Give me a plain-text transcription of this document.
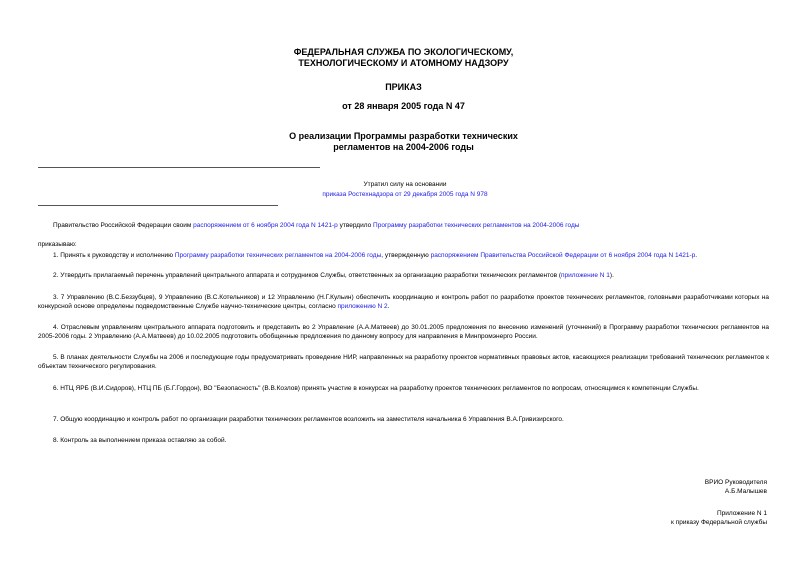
ФЕДЕРАЛЬНАЯ СЛУЖБА ПО ЭКОЛОГИЧЕСКОМУ,
ТЕХНОЛОГИЧЕСКОМУ И АТОМНОМУ НАДЗОРУ
ПРИКАЗ
от 28 января 2005 года N 47
О реализации Программы разработки технических
регламентов на 2004-2006 годы
Утратил силу на основании
приказа Ростехнадзора от 29 декабря 2005 года N 978
Правительство Российской Федерации своим распоряжением от 6 ноября 2004 года N 1421-р утвердило Программу разработки технических регламентов на 2004-2006 годы
приказываю:
1. Принять к руководству и исполнению Программу разработки технических регламентов на 2004-2006 годы, утвержденную распоряжением Правительства Российской Федерации от 6 ноября 2004 года N 1421-р.
2. Утвердить прилагаемый перечень управлений центрального аппарата и сотрудников Службы, ответственных за организацию разработки технических регламентов (приложение N 1).
3. 7 Управлению (В.С.Беззубцев), 9 Управлению (В.С.Котельников) и 12 Управлению (Н.Г.Кульин) обеспечить координацию и контроль работ по разработке проектов технических регламентов, головными разработчиками которых на конкурсной основе определены подведомственные Службе научно-технические центры, согласно приложению N 2.
4. Отраслевым управлениям центрального аппарата подготовить и представить во 2 Управление (А.А.Матвеев) до 30.01.2005 предложения по внесению изменений (уточнений) в Программу разработки технических регламентов на 2005-2006 годы. 2 Управлению (А.А.Матвеев) до 10.02.2005 подготовить обобщенные предложения по данному вопросу для направления в Минпромэнерго России.
5. В планах деятельности Службы на 2006 и последующие годы предусматривать проведение НИР, направленных на разработку проектов нормативных правовых актов, касающихся реализации требований технических регламентов к объектам технического регулирования.
6. НТЦ ЯРБ (В.И.Сидоров), НТЦ ПБ (Б.Г.Гордон), ВО "Безопасность" (В.В.Козлов) принять участие в конкурсах на разработку проектов технических регламентов по вопросам, относящимся к компетенции Службы.
7. Общую координацию и контроль работ по организации разработки технических регламентов возложить на заместителя начальника 6 Управления В.А.Гривизирского.
8. Контроль за выполнением приказа оставляю за собой.
ВРИО Руководителя
А.Б.Малышев
Приложение N 1
к приказу Федеральной службы
